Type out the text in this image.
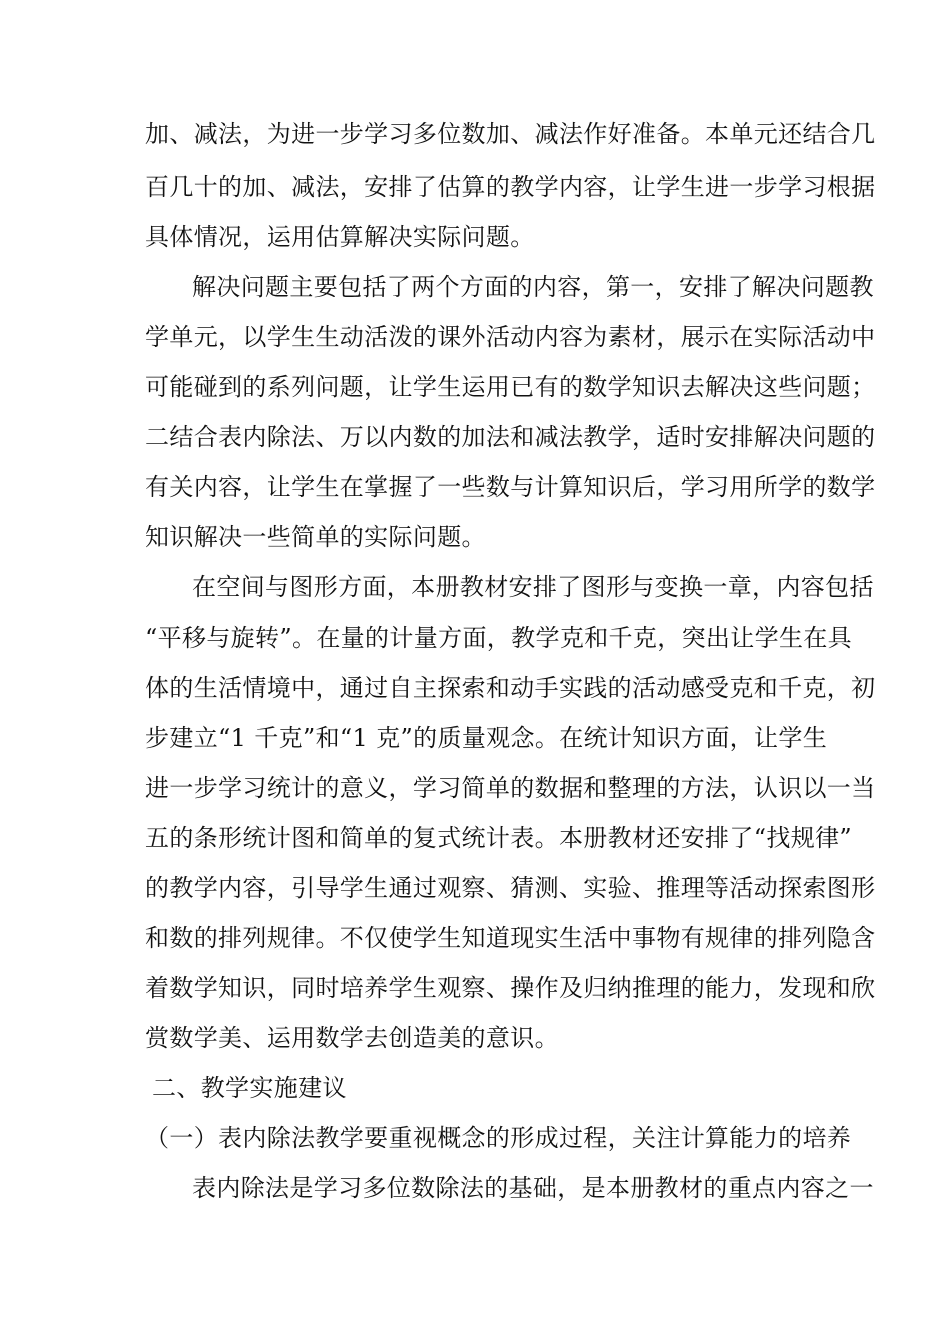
加、减法，为进一步学习多位数加、减法作好准备。本单元还结合几
百几十的加、减法，安排了估算的教学内容，让学生进一步学习根据
具体情况，运用估算解决实际问题。
解决问题主要包括了两个方面的内容，第一，安排了解决问题教
学单元，以学生生动活泼的课外活动内容为素材，展示在实际活动中
可能碰到的系列问题，让学生运用已有的数学知识去解决这些问题；
二结合表内除法、万以内数的加法和减法教学，适时安排解决问题的
有关内容，让学生在掌握了一些数与计算知识后，学习用所学的数学
知识解决一些简单的实际问题。
在空间与图形方面，本册教材安排了图形与变换一章，内容包括
“平移与旋转”。在量的计量方面，教学克和千克，突出让学生在具
体的生活情境中，通过自主探索和动手实践的活动感受克和千克，初
步建立“1 千克”和“1 克”的质量观念。在统计知识方面，让学生
进一步学习统计的意义，学习简单的数据和整理的方法，认识以一当
五的条形统计图和简单的复式统计表。本册教材还安排了“找规律”
的教学内容，引导学生通过观察、猜测、实验、推理等活动探索图形
和数的排列规律。不仅使学生知道现实生活中事物有规律的排列隐含
着数学知识，同时培养学生观察、操作及归纳推理的能力，发现和欣
赏数学美、运用数学去创造美的意识。
二、教学实施建议
（一）表内除法教学要重视概念的形成过程，关注计算能力的培养
表内除法是学习多位数除法的基础，是本册教材的重点内容之一
